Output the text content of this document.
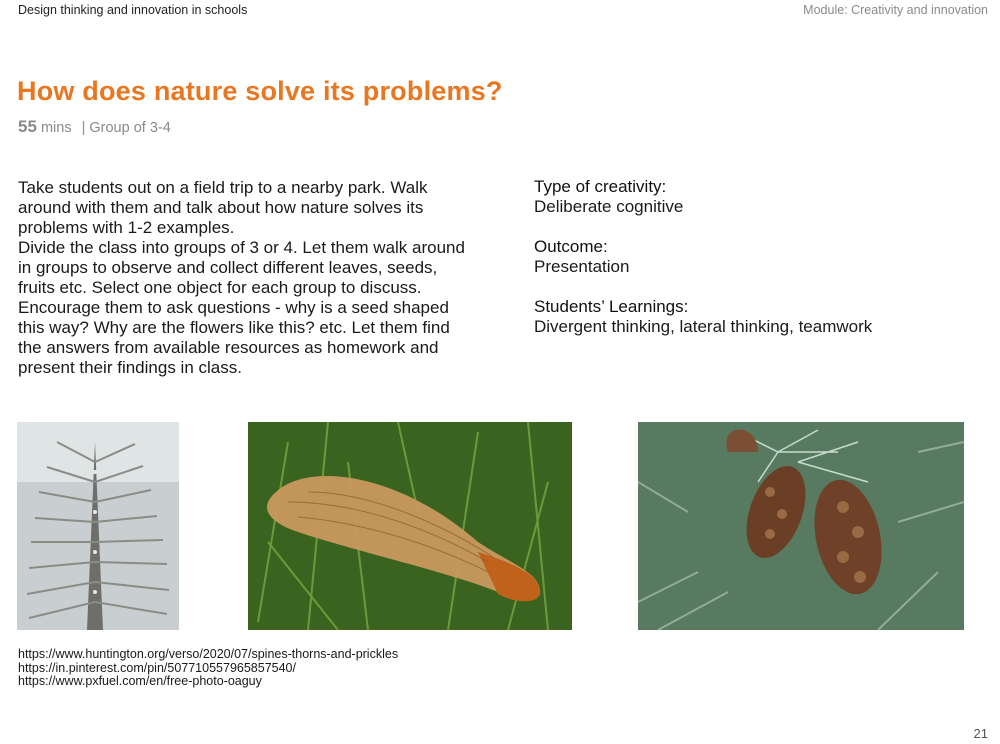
Design thinking and innovation in schools	Module: Creativity and innovation
How does nature solve its problems?
55 mins | Group of 3-4
Take students out on a field trip to a nearby park. Walk around with them and talk about how nature solves its problems with 1-2 examples.
Divide the class into groups of 3 or 4. Let them walk around in groups to observe and collect different leaves, seeds, fruits etc. Select one object for each group to discuss. Encourage them to ask questions - why is a seed shaped this way? Why are the flowers like this? etc. Let them find the answers from available resources as homework and present their findings in class.
Type of creativity:
Deliberate cognitive
Outcome:
Presentation
Students’ Learnings:
Divergent thinking, lateral thinking, teamwork
https://www.huntington.org/verso/2020/07/spines-thorns-and-prickles
https://in.pinterest.com/pin/507710557965857540/
https://www.pxfuel.com/en/free-photo-oaguy
21
